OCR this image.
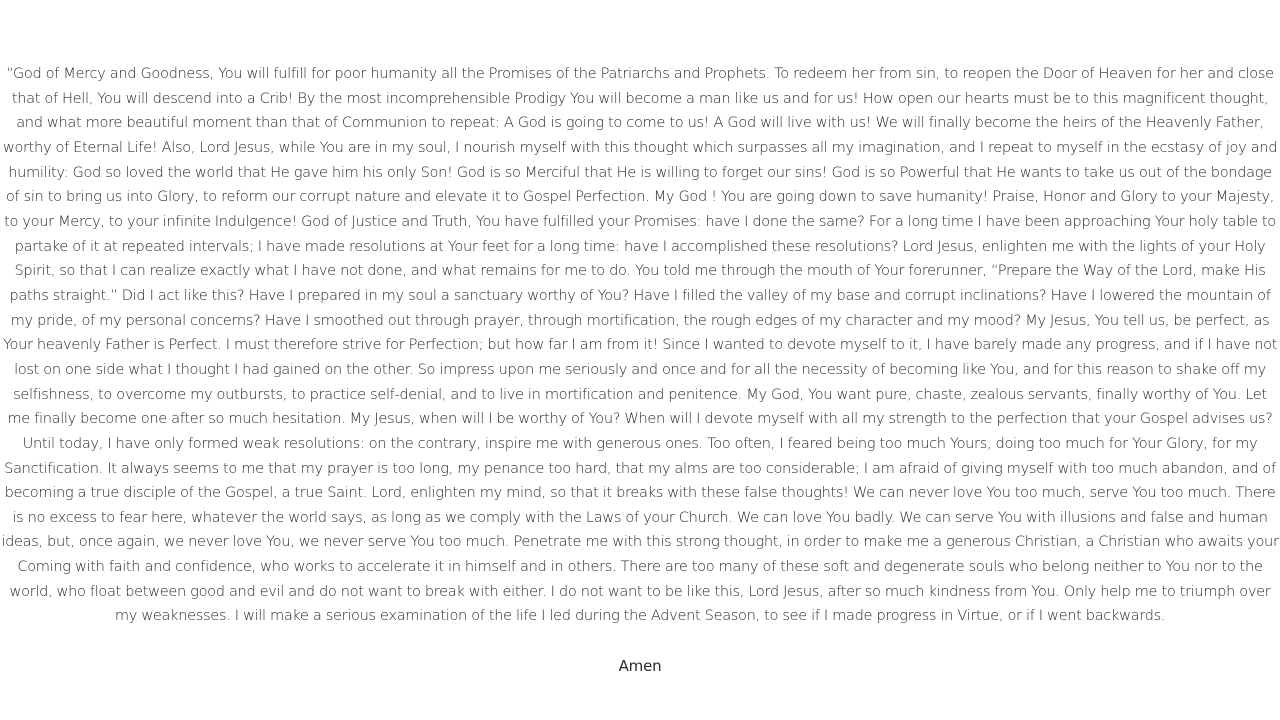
“God of Mercy and Goodness, You will fulfill for poor humanity all the Promises of the Patriarchs and Prophets. To redeem her from sin, to reopen the Door of Heaven for her and close that of Hell, You will descend into a Crib! By the most incomprehensible Prodigy You will become a man like us and for us! How open our hearts must be to this magnificent thought, and what more beautiful moment than that of Communion to repeat: A God is going to come to us! A God will live with us! We will finally become the heirs of the Heavenly Father, worthy of Eternal Life! Also, Lord Jesus, while You are in my soul, I nourish myself with this thought which surpasses all my imagination, and I repeat to myself in the ecstasy of joy and humility: God so loved the world that He gave him his only Son! God is so Merciful that He is willing to forget our sins! God is so Powerful that He wants to take us out of the bondage of sin to bring us into Glory, to reform our corrupt nature and elevate it to Gospel Perfection. My God ! You are going down to save humanity! Praise, Honor and Glory to your Majesty, to your Mercy, to your infinite Indulgence! God of Justice and Truth, You have fulfilled your Promises: have I done the same? For a long time I have been approaching Your holy table to partake of it at repeated intervals; I have made resolutions at Your feet for a long time: have I accomplished these resolutions? Lord Jesus, enlighten me with the lights of your Holy Spirit, so that I can realize exactly what I have not done, and what remains for me to do. You told me through the mouth of Your forerunner, “Prepare the Way of the Lord, make His paths straight.” Did I act like this? Have I prepared in my soul a sanctuary worthy of You? Have I filled the valley of my base and corrupt inclinations? Have I lowered the mountain of my pride, of my personal concerns? Have I smoothed out through prayer, through mortification, the rough edges of my character and my mood? My Jesus, You tell us, be perfect, as Your heavenly Father is Perfect. I must therefore strive for Perfection; but how far I am from it! Since I wanted to devote myself to it, I have barely made any progress, and if I have not lost on one side what I thought I had gained on the other. So impress upon me seriously and once and for all the necessity of becoming like You, and for this reason to shake off my selfishness, to overcome my outbursts, to practice self-denial, and to live in mortification and penitence. My God, You want pure, chaste, zealous servants, finally worthy of You. Let me finally become one after so much hesitation. My Jesus, when will I be worthy of You? When will I devote myself with all my strength to the perfection that your Gospel advises us? Until today, I have only formed weak resolutions: on the contrary, inspire me with generous ones. Too often, I feared being too much Yours, doing too much for Your Glory, for my Sanctification. It always seems to me that my prayer is too long, my penance too hard, that my alms are too considerable; I am afraid of giving myself with too much abandon, and of becoming a true disciple of the Gospel, a true Saint. Lord, enlighten my mind, so that it breaks with these false thoughts! We can never love You too much, serve You too much. There is no excess to fear here, whatever the world says, as long as we comply with the Laws of your Church. We can love You badly. We can serve You with illusions and false and human ideas, but, once again, we never love You, we never serve You too much. Penetrate me with this strong thought, in order to make me a generous Christian, a Christian who awaits your Coming with faith and confidence, who works to accelerate it in himself and in others. There are too many of these soft and degenerate souls who belong neither to You nor to the world, who float between good and evil and do not want to break with either. I do not want to be like this, Lord Jesus, after so much kindness from You. Only help me to triumph over my weaknesses. I will make a serious examination of the life I led during the Advent Season, to see if I made progress in Virtue, or if I went backwards.

Amen
